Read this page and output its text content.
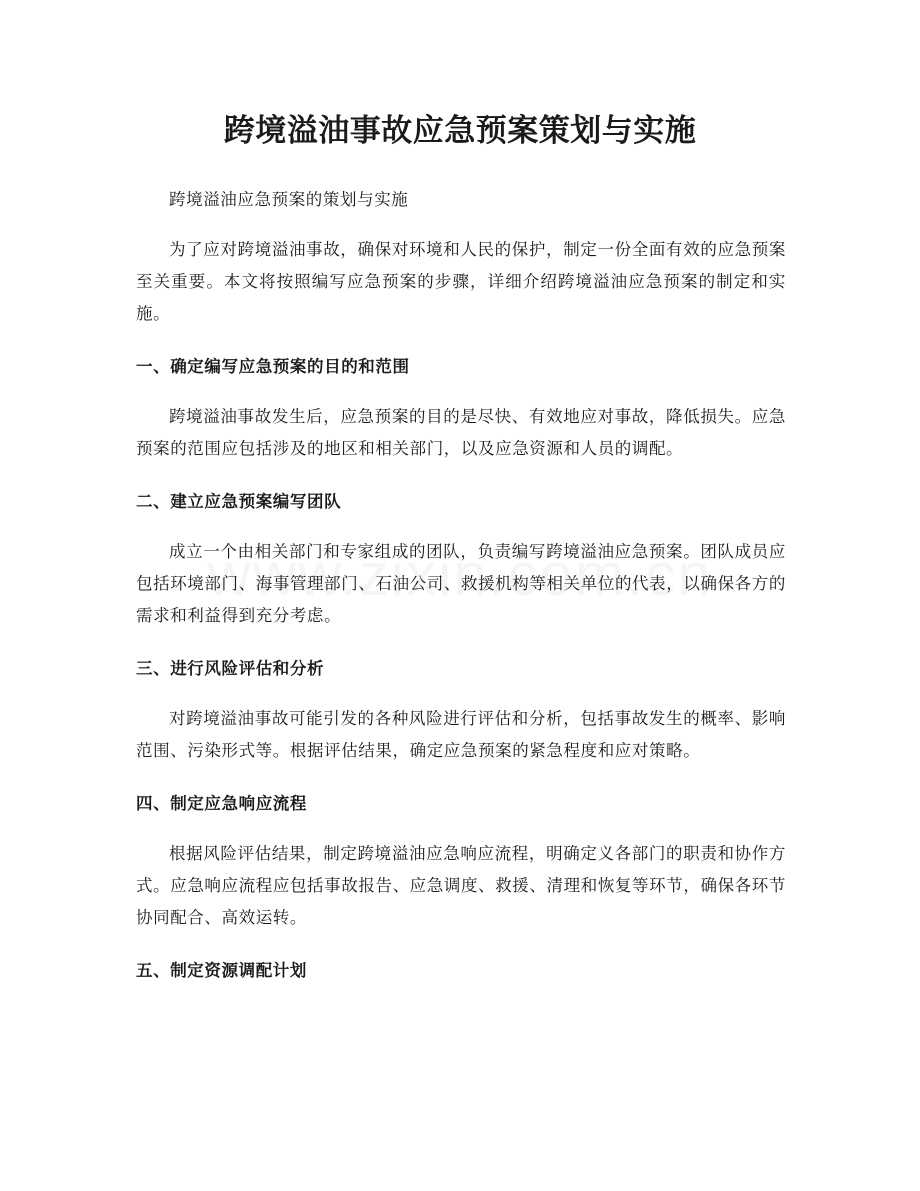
跨境溢油事故应急预案策划与实施

跨境溢油应急预案的策划与实施

为了应对跨境溢油事故，确保对环境和人民的保护，制定一份全面有效的应急预案至关重要。本文将按照编写应急预案的步骤，详细介绍跨境溢油应急预案的制定和实施。

一、确定编写应急预案的目的和范围

跨境溢油事故发生后，应急预案的目的是尽快、有效地应对事故，降低损失。应急预案的范围应包括涉及的地区和相关部门，以及应急资源和人员的调配。

二、建立应急预案编写团队

成立一个由相关部门和专家组成的团队，负责编写跨境溢油应急预案。团队成员应包括环境部门、海事管理部门、石油公司、救援机构等相关单位的代表，以确保各方的需求和利益得到充分考虑。

三、进行风险评估和分析

对跨境溢油事故可能引发的各种风险进行评估和分析，包括事故发生的概率、影响范围、污染形式等。根据评估结果，确定应急预案的紧急程度和应对策略。

四、制定应急响应流程

根据风险评估结果，制定跨境溢油应急响应流程，明确定义各部门的职责和协作方式。应急响应流程应包括事故报告、应急调度、救援、清理和恢复等环节，确保各环节协同配合、高效运转。

五、制定资源调配计划
